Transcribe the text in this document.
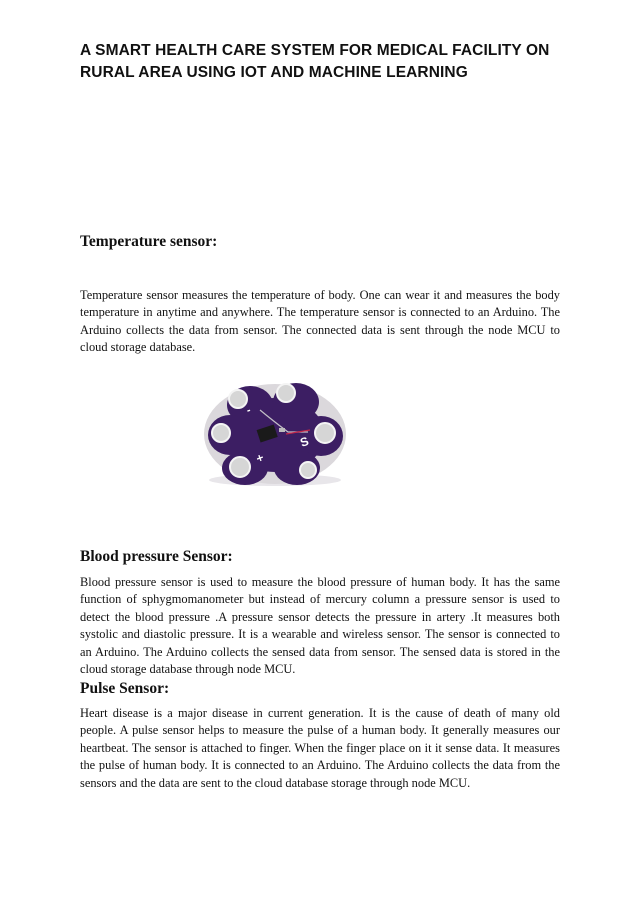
A SMART HEALTH CARE SYSTEM FOR MEDICAL FACILITY ON RURAL AREA USING IOT AND MACHINE LEARNING
Temperature sensor:

Temperature sensor measures the temperature of body. One can wear it and measures the body temperature in anytime and anywhere. The temperature sensor is connected to an Arduino. The Arduino collects the data from sensor. The connected data is sent through the node MCU to cloud storage database.

-
S
+
Blood pressure Sensor:

Blood pressure sensor is used to measure the blood pressure of human body. It has the same function of sphygmomanometer but instead of mercury column a pressure sensor is used to detect the blood pressure .A pressure sensor detects the pressure in artery .It measures both systolic and diastolic pressure. It is a wearable and wireless sensor. The sensor is connected to an Arduino. The Arduino collects the sensed data from sensor. The sensed data is stored in the cloud storage database through node MCU.

Pulse Sensor:

Heart disease is a major disease in current generation. It is the cause of death of many old people. A pulse sensor helps to measure the pulse of a human body. It generally measures our heartbeat. The sensor is attached to finger. When the finger place on it it sense data. It measures the pulse of human body. It is connected to an Arduino. The Arduino collects the data from the sensors and the data are sent to the cloud database storage through node MCU.
